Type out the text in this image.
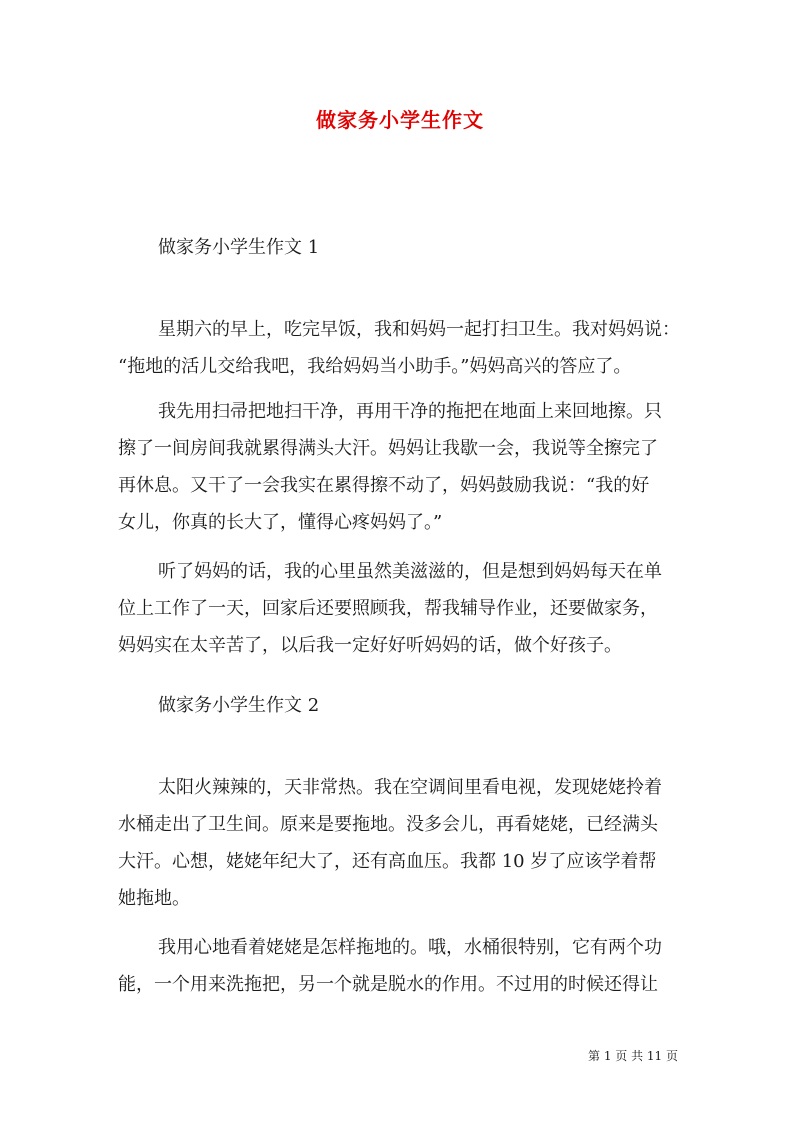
做家务小学生作文

做家务小学生作文 1

星期六的早上，吃完早饭，我和妈妈一起打扫卫生。我对妈妈说：
“拖地的活儿交给我吧，我给妈妈当小助手。”妈妈高兴的答应了。

我先用扫帚把地扫干净，再用干净的拖把在地面上来回地擦。只
擦了一间房间我就累得满头大汗。妈妈让我歇一会，我说等全擦完了
再休息。又干了一会我实在累得擦不动了，妈妈鼓励我说：“我的好
女儿，你真的长大了，懂得心疼妈妈了。”

听了妈妈的话，我的心里虽然美滋滋的，但是想到妈妈每天在单
位上工作了一天，回家后还要照顾我，帮我辅导作业，还要做家务，
妈妈实在太辛苦了，以后我一定好好听妈妈的话，做个好孩子。

做家务小学生作文 2

太阳火辣辣的，天非常热。我在空调间里看电视，发现姥姥拎着
水桶走出了卫生间。原来是要拖地。没多会儿，再看姥姥，已经满头
大汗。心想，姥姥年纪大了，还有高血压。我都 10 岁了应该学着帮
她拖地。

我用心地看着姥姥是怎样拖地的。哦，水桶很特别，它有两个功
能，一个用来洗拖把，另一个就是脱水的作用。不过用的时候还得让

第 1 页 共 11 页
